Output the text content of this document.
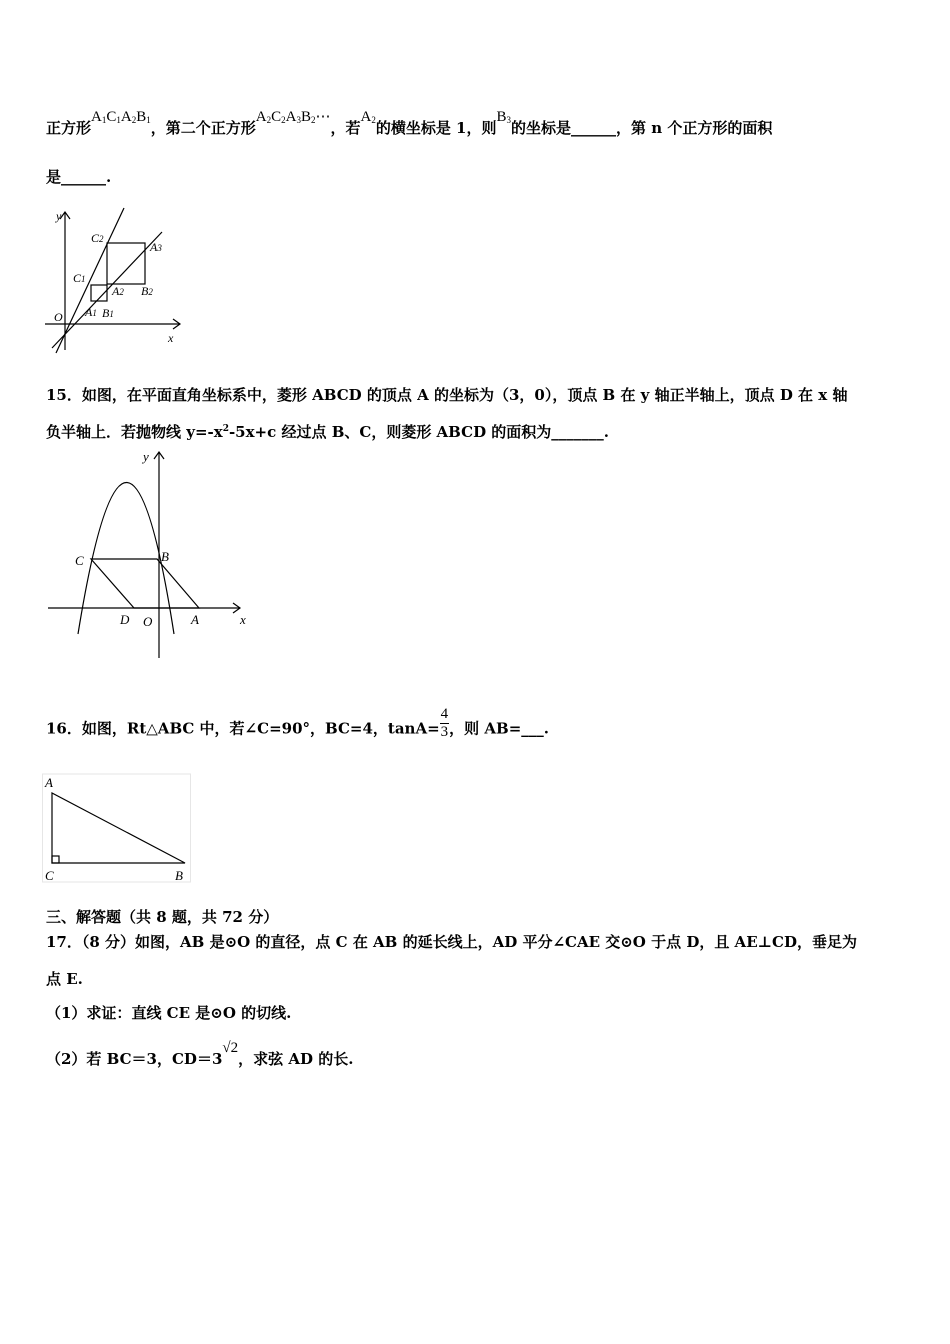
正方形$A_1C_1A_2B_1$，第二个正方形$A_2C_2A_3B_2\cdots$，若$A_2$的横坐标是 1，则$B_3$的坐标是______，第 n 个正方形的面积
是______.
y
x
O
C1
C2
A1 B1
A2 B2
A3
15．如图，在平面直角坐标系中，菱形 ABCD 的顶点 A 的坐标为（3，0），顶点 B 在 y 轴正半轴上，顶点 D 在 x 轴
负半轴上．若抛物线 $y=-x^2-5x+c$ 经过点 B、C，则菱形 ABCD 的面积为_______.
y
x
C	B
D O	A
16．如图，Rt△ABC 中，若∠C=90°，BC=4，$\tan A= \frac{4}{3}$，则 AB=___.
A
C	B
三、解答题（共 8 题，共 72 分）
17．（8 分）如图，AB 是⊙O 的直径，点 C 在 AB 的延长线上，AD 平分∠CAE 交⊙O 于点 D，且 AE⊥CD，垂足为
点 E.
（1）求证：直线 CE 是⊙O 的切线.
（2）若 BC＝3，CD＝3√2，求弦 AD 的长.
